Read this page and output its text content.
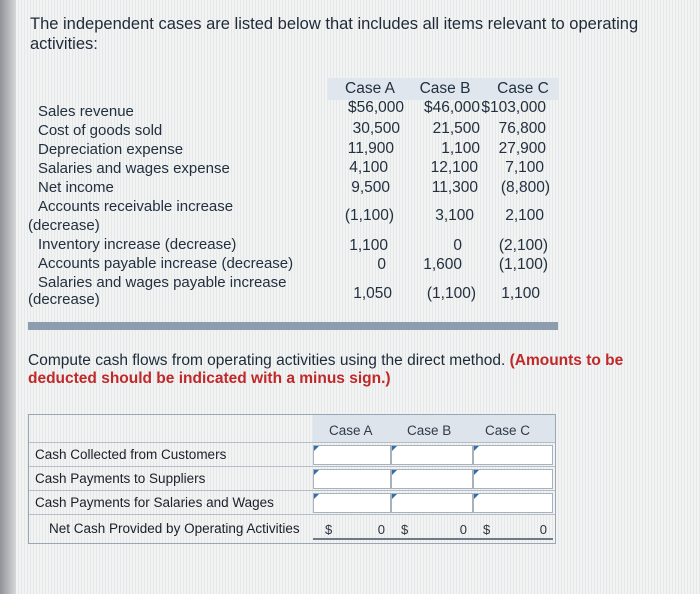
The independent cases are listed below that includes all items relevant to operating activities:
Case A	Case B	Case C
Sales revenue	$56,000	$46,000 $103,000
Cost of goods sold	30,500	21,500	76,800
Depreciation expense	11,900	1,100	27,900
Salaries and wages expense	4,100	12,100	7,100
Net income	9,500	11,300	(8,800)
Accounts receivable increase
(decrease)
(1,100)	3,100	2,100
Inventory increase (decrease)	1,100	0	(2,100)
Accounts payable increase (decrease)	0	1,600	(1,100)
Salaries and wages payable increase
(decrease)	1,050	(1,100)	1,100
Compute cash flows from operating activities using the direct method. (Amounts to be deducted should be indicated with a minus sign.)
Case A	Case B Case C
Cash Collected from Customers
Cash Payments to Suppliers
Cash Payments for Salaries and Wages
Net Cash Provided by Operating Activities $	0 $	0 $	0
